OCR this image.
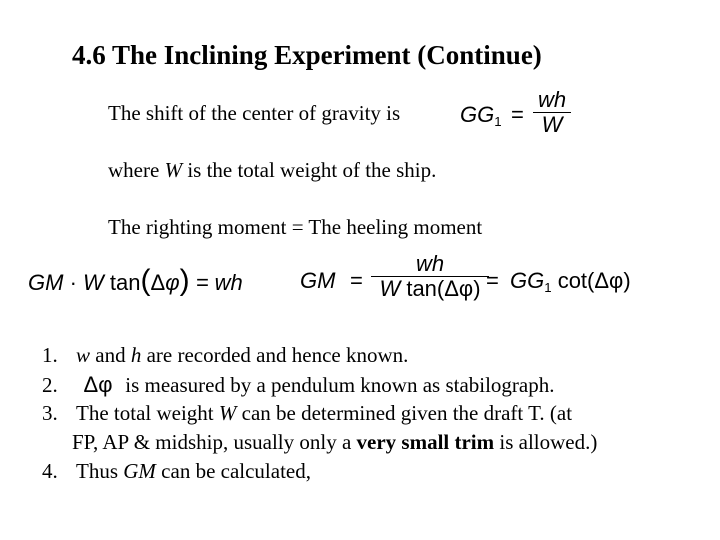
4.6 The Inclining Experiment (Continue)
The shift of the center of gravity is	$GG_1$ =
wh
W
where W is the total weight of the ship.
The righting moment = The heeling moment
GM · W tan(Δφ) = wh	GM =
wh
W $\tan(\Delta\varphi) = GG_1$ cot(Δφ)
1. w and h are recorded and hence known.
2. Δφ is measured by a pendulum known as stabilograph.
3. The total weight W can be determined given the draft T. (at
FP, AP & midship, usually only a very small trim is allowed.)
4. Thus GM can be calculated,
